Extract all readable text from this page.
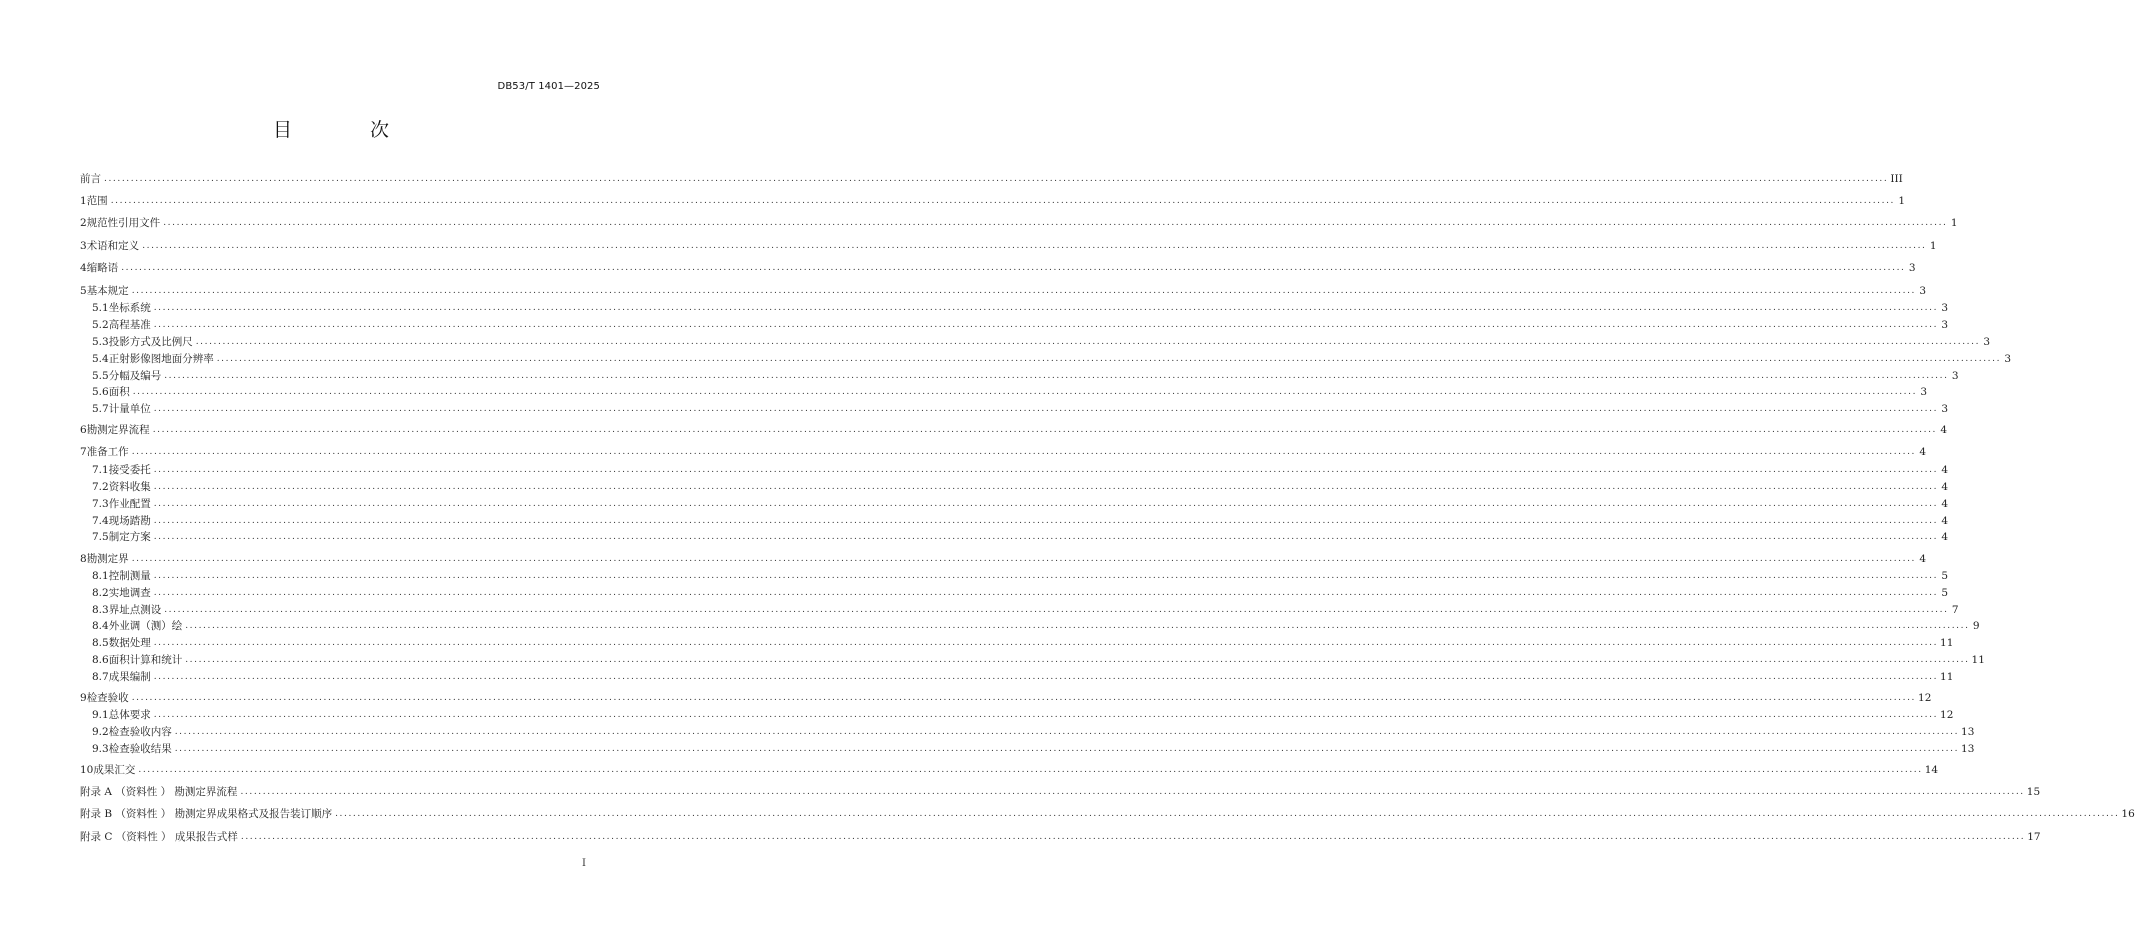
DB53/T 1401—2025
目 次
前言 ................................................................................................................................................................................................................................................................................................................................................................................................................ III
1 范围 ................................................................................................................................................................................................................................................................................................................................................................................................................ 1
2 规范性引用文件 ................................................................................................................................................................................................................................................................................................................................................................................................................ 1
3 术语和定义 ................................................................................................................................................................................................................................................................................................................................................................................................................ 1
4 缩略语 ................................................................................................................................................................................................................................................................................................................................................................................................................ 3
5 基本规定 ................................................................................................................................................................................................................................................................................................................................................................................................................ 3
5.1 坐标系统 ................................................................................................................................................................................................................................................................................................................................................................................................................ 3
5.2 高程基准 ................................................................................................................................................................................................................................................................................................................................................................................................................ 3
5.3 投影方式及比例尺 ................................................................................................................................................................................................................................................................................................................................................................................................................ 3
5.4 正射影像图地面分辨率 ................................................................................................................................................................................................................................................................................................................................................................................................................ 3
5.5 分幅及编号 ................................................................................................................................................................................................................................................................................................................................................................................................................ 3
5.6 面积 ................................................................................................................................................................................................................................................................................................................................................................................................................ 3
5.7 计量单位 ................................................................................................................................................................................................................................................................................................................................................................................................................ 3
6 勘测定界流程 ................................................................................................................................................................................................................................................................................................................................................................................................................ 4
7 准备工作 ................................................................................................................................................................................................................................................................................................................................................................................................................ 4
7.1 接受委托 ................................................................................................................................................................................................................................................................................................................................................................................................................ 4
7.2 资料收集 ................................................................................................................................................................................................................................................................................................................................................................................................................ 4
7.3 作业配置 ................................................................................................................................................................................................................................................................................................................................................................................................................ 4
7.4 现场踏勘 ................................................................................................................................................................................................................................................................................................................................................................................................................ 4
7.5 制定方案 ................................................................................................................................................................................................................................................................................................................................................................................................................ 4
8 勘测定界 ................................................................................................................................................................................................................................................................................................................................................................................................................ 4
8.1 控制测量 ................................................................................................................................................................................................................................................................................................................................................................................................................ 5
8.2 实地调查 ................................................................................................................................................................................................................................................................................................................................................................................................................ 5
8.3 界址点测设 ................................................................................................................................................................................................................................................................................................................................................................................................................ 7
8.4 外业调（测）绘 ................................................................................................................................................................................................................................................................................................................................................................................................................ 9
8.5 数据处理 ................................................................................................................................................................................................................................................................................................................................................................................................................ 11
8.6 面积计算和统计 ................................................................................................................................................................................................................................................................................................................................................................................................................ 11
8.7 成果编制 ................................................................................................................................................................................................................................................................................................................................................................................................................ 11
9 检查验收 ................................................................................................................................................................................................................................................................................................................................................................................................................ 12
9.1 总体要求 ................................................................................................................................................................................................................................................................................................................................................................................................................ 12
9.2 检查验收内容 ................................................................................................................................................................................................................................................................................................................................................................................................................ 13
9.3 检查验收结果 ................................................................................................................................................................................................................................................................................................................................................................................................................ 13
10 成果汇交 ................................................................................................................................................................................................................................................................................................................................................................................................................ 14
附录 A （资料性 ） 勘测定界流程 ................................................................................................................................................................................................................................................................................................................................................................................................................ 15
附录 B （资料性 ） 勘测定界成果格式及报告装订顺序 ................................................................................................................................................................................................................................................................................................................................................................................................................ 16
附录 C （资料性 ） 成果报告式样 ................................................................................................................................................................................................................................................................................................................................................................................................................ 17
I
